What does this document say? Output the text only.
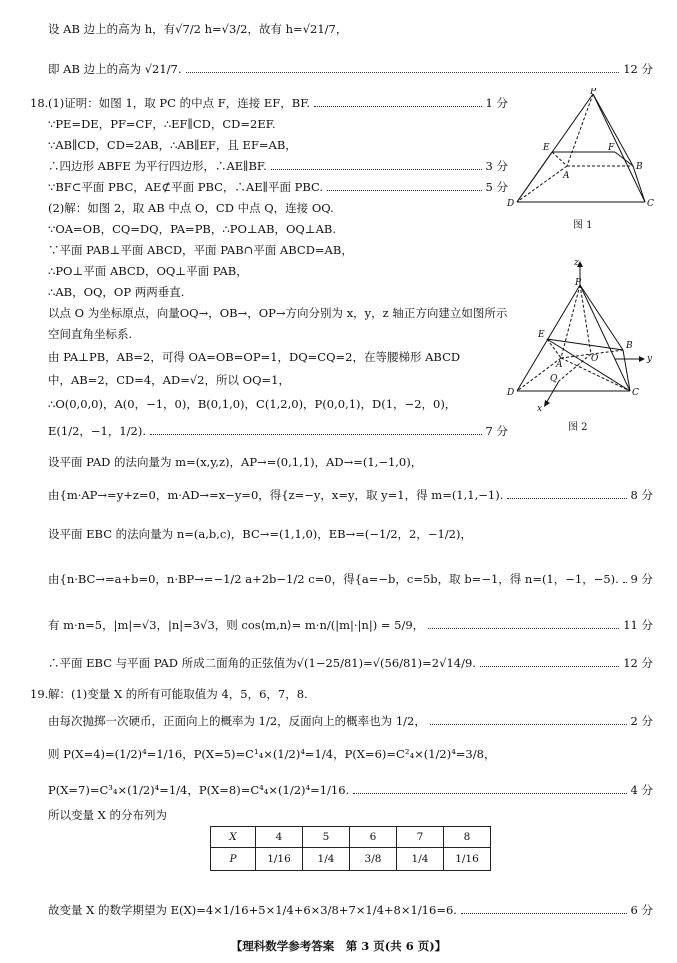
设 AB 边上的高为 h，有√7/2 h=√3/2，故有 h=√21/7，
即 AB 边上的高为 √21/7.	12 分
18. (1)证明：如图 1，取 PC 的中点 F，连接 EF，BF.	1 分
∵PE=DE，PF=CF，∴EF∥CD，CD=2EF.
∵AB∥CD，CD=2AB，∴AB∥EF，且 EF=AB，
∴四边形 ABFE 为平行四边形，∴AE∥BF.	3 分
∵BF⊂平面 PBC，AE⊄平面 PBC，∴AE∥平面 PBC.	5 分
(2)解：如图 2，取 AB 中点 O，CD 中点 Q，连接 OQ.
∵OA=OB，CQ=DQ，PA=PB，∴PO⊥AB，OQ⊥AB.
∵平面 PAB⊥平面 ABCD，平面 PAB∩平面 ABCD=AB，
∴PO⊥平面 ABCD，OQ⊥平面 PAB，
∴AB，OQ，OP 两两垂直.
以点 O 为坐标原点，向量OQ→，OB→，OP→方向分别为 x，y，z 轴正方向建立如图所示
空间直角坐标系.
由 PA⊥PB，AB=2，可得 OA=OB=OP=1，DQ=CQ=2，在等腰梯形 ABCD
中，AB=2，CD=4，AD=√2，所以 OQ=1，
∴O(0,0,0)，A(0，−1，0)，B(0,1,0)，C(1,2,0)，P(0,0,1)，D(1，−2，0)，
E(1/2，−1，1/2).	7 分
设平面 PAD 的法向量为 m=(x,y,z)，AP→=(0,1,1)，AD→=(1,−1,0)，
由{m·AP→=y+z=0，m·AD→=x−y=0，得{z=−y，x=y，取 y=1，得 m=(1,1,−1).	8 分
设平面 EBC 的法向量为 n=(a,b,c)，BC→=(1,1,0)，EB→=(−1/2，2，−1/2)，
由{n·BC→=a+b=0，n·BP→=−1/2 a+2b−1/2 c=0，得{a=−b，c=5b，取 b=−1，得 n=(1，−1，−5). 9 分
有 m·n=5，|m|=√3，|n|=3√3，则 cos⟨m,n⟩= m·n/(|m|·|n|) = 5/9，	11 分
∴平面 EBC 与平面 PAD 所成二面角的正弦值为√(1−25/81)=√(56/81)=2√14/9.	12 分
19. 解：(1)变量 X 的所有可能取值为 4，5，6，7，8.
由每次抛掷一次硬币，正面向上的概率为 1/2，反面向上的概率也为 1/2，	2 分
则 P(X=4)=(1/2)⁴=1/16，P(X=5)=C¹₄×(1/2)⁴=1/4，P(X=6)=C²₄×(1/2)⁴=3/8，
P(X=7)=C³₄×(1/2)⁴=1/4，P(X=8)=C⁴₄×(1/2)⁴=1/16.	4 分
所以变量 X 的分布列为
X	4	5	6	7	8
P	1/16	1/4	3/8	1/4	1/16
故变量 X 的数学期望为 E(X)=4×1/16+5×1/4+6×3/8+7×1/4+8×1/16=6.	6 分
P
E	F
A
B
D	C
图 1
z
P
E
O
A
B
y
Q
D	C
x
图 2
【理科数学参考答案　第 3 页(共 6 页)】
